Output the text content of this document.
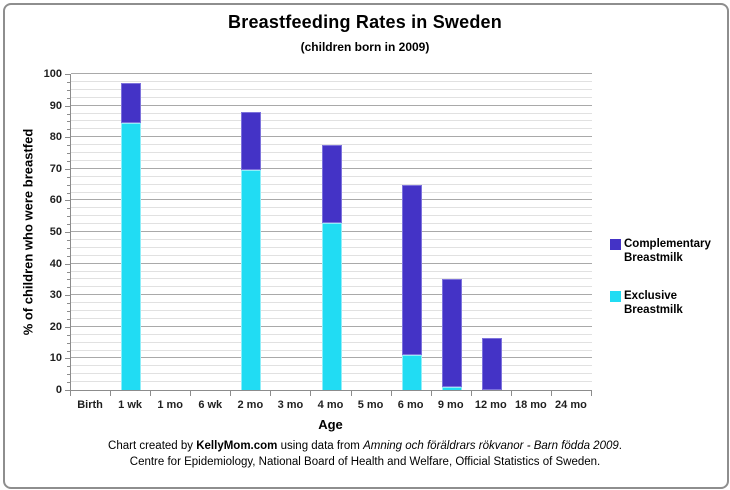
Breastfeeding Rates in Sweden
(children born in 2009)
% of children who were breastfed
Age
Complementary Breastmilk
Exclusive Breastmilk
Chart created by KellyMom.com using data from Amning och föräldrars rökvanor - Barn födda 2009.
Centre for Epidemiology, National Board of Health and Welfare, Official Statistics of Sweden.
0
10
20
30
40
50
60
70
80
90
100
Birth	1 wk	1 mo	6 wk	2 mo	3 mo	4 mo	5 mo	6 mo	9 mo	12 mo 18 mo 24 mo
